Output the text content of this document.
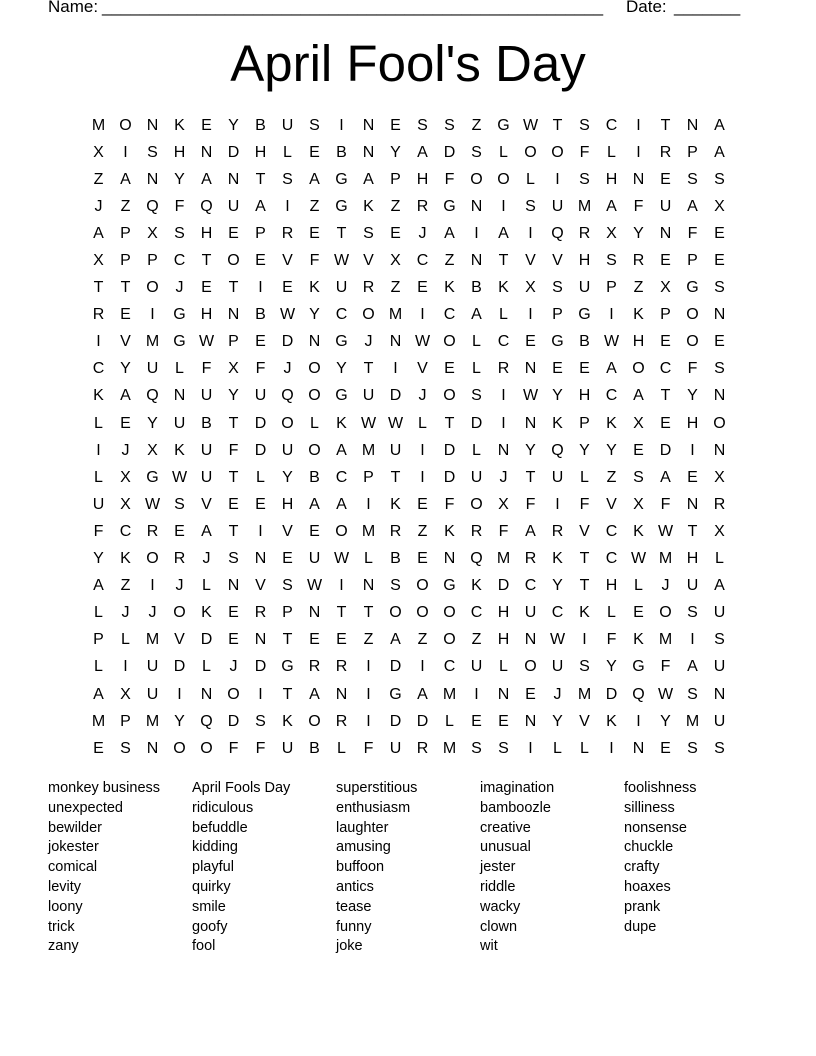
Name:

_____________________________________________________

Date:

_______

April Fool's Day
M O N K	E	Y	B U S	I	N E	S	S	Z G W T	S C	I	T	N A
X	I	S H N D H	L	E	B N Y	A D S	L	O O F	L	I	R P	A
Z	A N Y	A N	T	S	A G A	P H	F O O	L	I	S H N E	S	S
J	Z Q F Q U A	I	Z G K	Z	R G N	I	S U M A	F	U A	X
A	P	X	S H E	P R E	T	S	E	J	A	I	A	I	Q R X	Y N	F	E
X	P	P C	T O E	V	F W V	X C	Z	N	T	V	V H S R E	P	E
T	T O	J	E	T	I	E	K U R	Z	E	K	B	K	X	S U P	Z	X G S
R E	I	G H N B W Y C O M	I	C A	L	I	P G	I	K	P O N
I	V M G W P	E D N G	J	N W O	L	C E G B W H E O E
C Y U	L	F	X	F	J	O Y	T	I	V	E	L	R N E	E	A O C	F	S
K	A Q N U Y U Q O G U D	J	O S	I	W Y H C A	T	Y N
L	E	Y U B	T	D O	L	K W W L	T	D	I	N K	P	K	X	E H O
I	J	X	K U	F	D U O A M U	I	D	L	N Y Q Y	Y	E D	I	N
L	X G W U	T	L	Y	B C P	T	I	D U	J	T	U	L	Z	S	A	E	X
U X W S	V	E	E H A	A	I	K	E	F O X	F	I	F	V	X	F	N R
F	C R E	A	T	I	V	E O M R	Z	K R	F	A R V C K W T	X
Y	K O R	J	S N E U W L	B	E N Q M R K	T	C W M H	L
A	Z	I	J	L	N V	S W	I	N S O G K D C Y	T	H	L	J	U A
L	J	J	O K	E R P N	T	T O O O C H U C K	L	E O S U
P	L M V D E N	T	E	E	Z	A	Z O Z	H N W	I	F	K M	I	S
L	I	U D	L	J	D G R R	I	D	I	C U	L	O U S	Y G F	A U
A	X U	I	N O	I	T	A N	I	G A M	I	N E	J	M D Q W S N
M P M Y Q D S	K O R	I	D D	L	E	E N Y	V	K	I	Y M U
E	S N O O F	F	U B	L	F	U R M S	S	I	L	L	I	N E	S	S
monkey business
unexpected
bewilder
jokester
comical
levity
loony
trick
zany
April Fools Day
ridiculous
befuddle
kidding
playful
quirky
smile
goofy
fool
superstitious
enthusiasm
laughter
amusing
buffoon
antics
tease
funny
joke
imagination
bamboozle
creative
unusual
jester
riddle
wacky
clown
wit
foolishness
silliness
nonsense
chuckle
crafty
hoaxes
prank
dupe
